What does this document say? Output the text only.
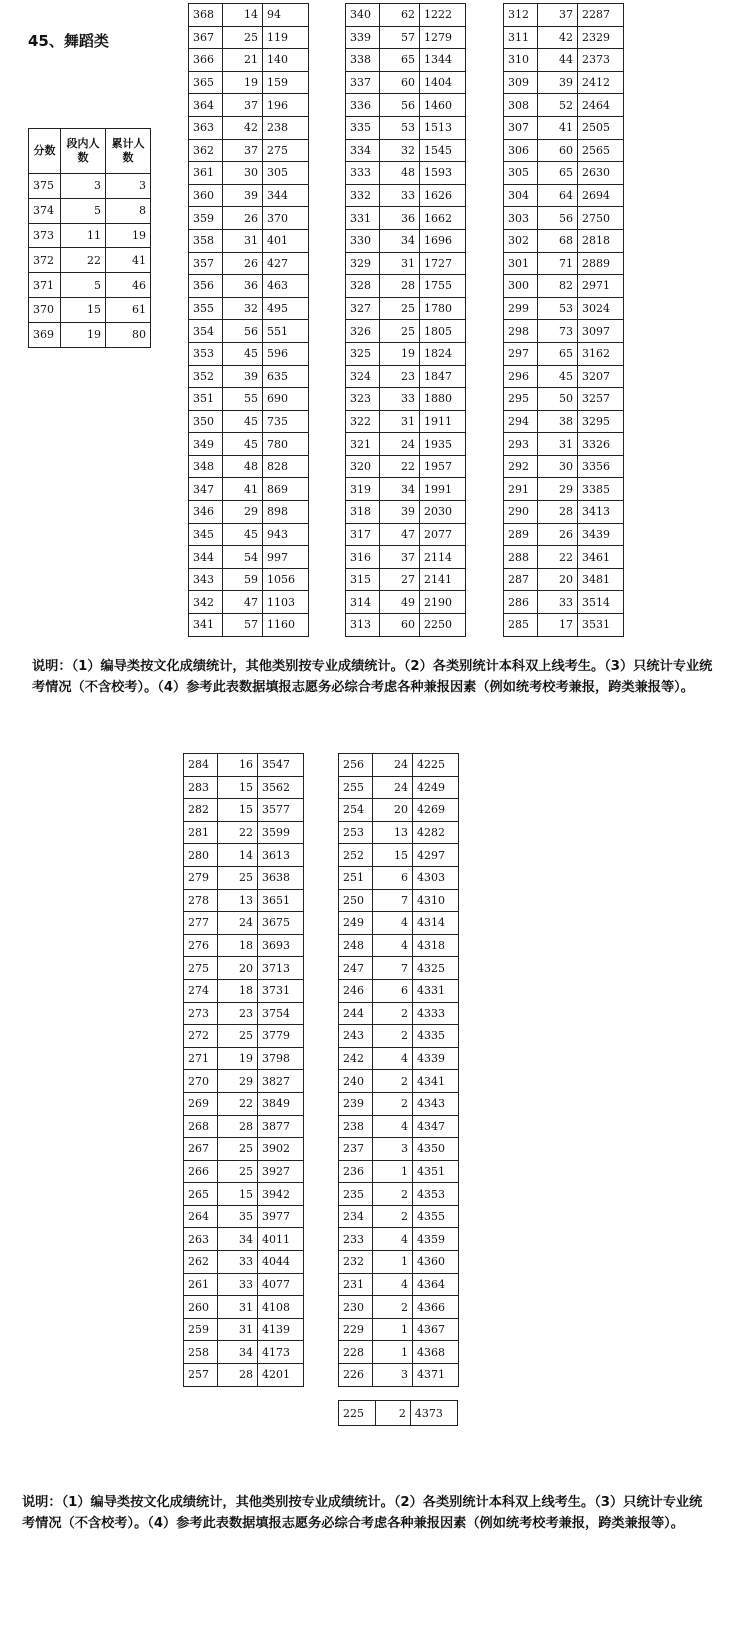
45、舞蹈类
分数	段内人数	累计人数
375	3	3
374	5	8
373	11	19
372	22	41
371	5	46
370	15	61
369	19	80
368	14	94
367	25	119
366	21	140
365	19	159
364	37	196
363	42	238
362	37	275
361	30	305
360	39	344
359	26	370
358	31	401
357	26	427
356	36	463
355	32	495
354	56	551
353	45	596
352	39	635
351	55	690
350	45	735
349	45	780
348	48	828
347	41	869
346	29	898
345	45	943
344	54	997
343	59	1056
342	47	1103
341	57	1160
340	62	1222
339	57	1279
338	65	1344
337	60	1404
336	56	1460
335	53	1513
334	32	1545
333	48	1593
332	33	1626
331	36	1662
330	34	1696
329	31	1727
328	28	1755
327	25	1780
326	25	1805
325	19	1824
324	23	1847
323	33	1880
322	31	1911
321	24	1935
320	22	1957
319	34	1991
318	39	2030
317	47	2077
316	37	2114
315	27	2141
314	49	2190
313	60	2250
312	37	2287
311	42	2329
310	44	2373
309	39	2412
308	52	2464
307	41	2505
306	60	2565
305	65	2630
304	64	2694
303	56	2750
302	68	2818
301	71	2889
300	82	2971
299	53	3024
298	73	3097
297	65	3162
296	45	3207
295	50	3257
294	38	3295
293	31	3326
292	30	3356
291	29	3385
290	28	3413
289	26	3439
288	22	3461
287	20	3481
286	33	3514
285	17	3531
说明：（1）编导类按文化成绩统计，其他类别按专业成绩统计。（2）各类别统计本科双上线考生。（3）只统计专业统考情况（不含校考）。（4）参考此表数据填报志愿务必综合考虑各种兼报因素（例如统考校考兼报，跨类兼报等）。
284	16	3547
283	15	3562
282	15	3577
281	22	3599
280	14	3613
279	25	3638
278	13	3651
277	24	3675
276	18	3693
275	20	3713
274	18	3731
273	23	3754
272	25	3779
271	19	3798
270	29	3827
269	22	3849
268	28	3877
267	25	3902
266	25	3927
265	15	3942
264	35	3977
263	34	4011
262	33	4044
261	33	4077
260	31	4108
259	31	4139
258	34	4173
257	28	4201
256	24	4225
255	24	4249
254	20	4269
253	13	4282
252	15	4297
251	6	4303
250	7	4310
249	4	4314
248	4	4318
247	7	4325
246	6	4331
244	2	4333
243	2	4335
242	4	4339
240	2	4341
239	2	4343
238	4	4347
237	3	4350
236	1	4351
235	2	4353
234	2	4355
233	4	4359
232	1	4360
231	4	4364
230	2	4366
229	1	4367
228	1	4368
226	3	4371
225	2	4373
说明：（1）编导类按文化成绩统计，其他类别按专业成绩统计。（2）各类别统计本科双上线考生。（3）只统计专业统考情况（不含校考）。（4）参考此表数据填报志愿务必综合考虑各种兼报因素（例如统考校考兼报，跨类兼报等）。
